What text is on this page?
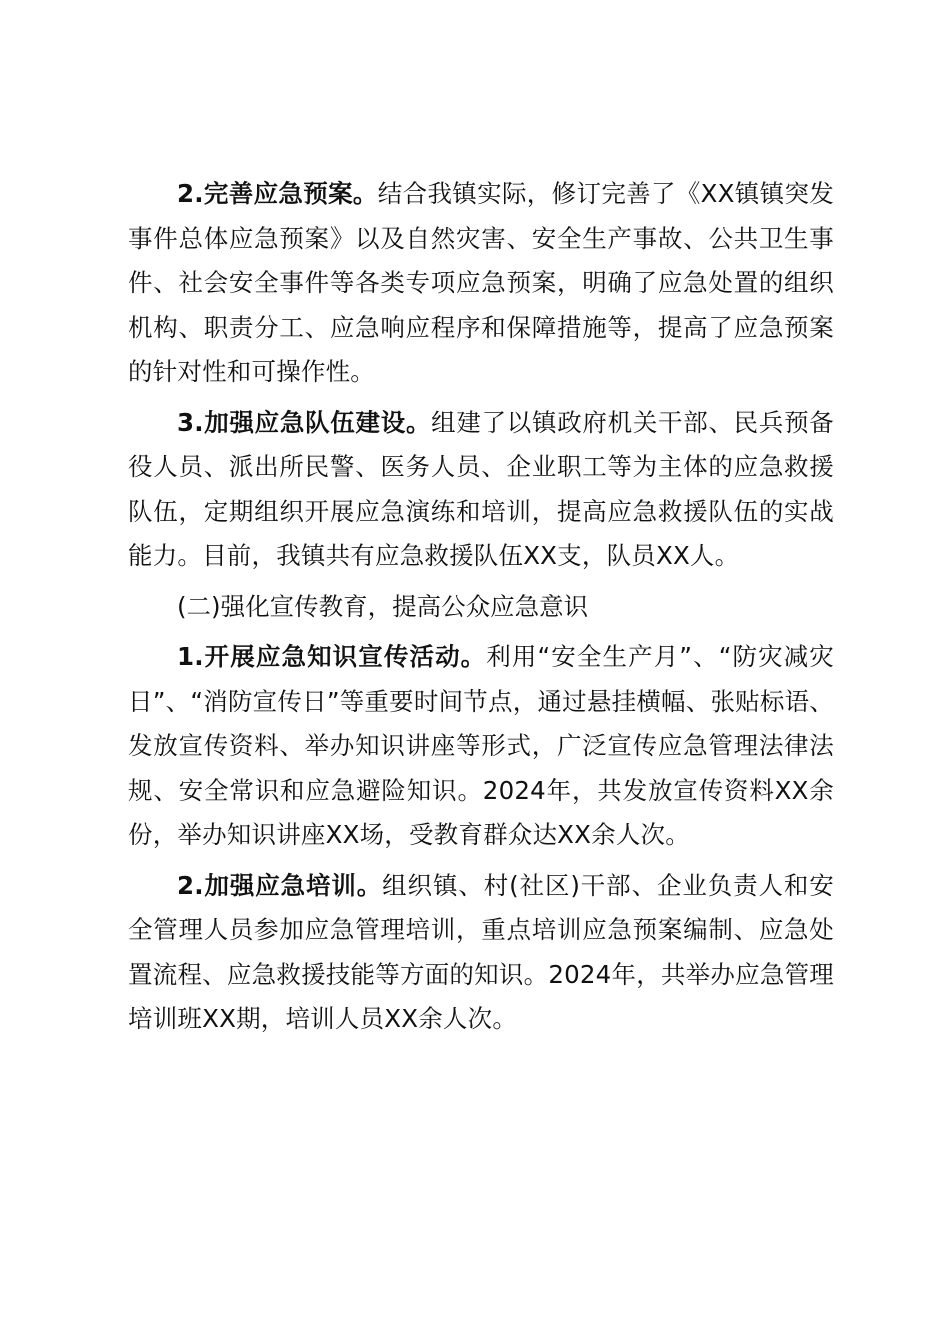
2.完善应急预案。结合我镇实际，修订完善了《XX镇镇突发事件总体应急预案》以及自然灾害、安全生产事故、公共卫生事件、社会安全事件等各类专项应急预案，明确了应急处置的组织机构、职责分工、应急响应程序和保障措施等，提高了应急预案的针对性和可操作性。

3.加强应急队伍建设。组建了以镇政府机关干部、民兵预备役人员、派出所民警、医务人员、企业职工等为主体的应急救援队伍，定期组织开展应急演练和培训，提高应急救援队伍的实战能力。目前，我镇共有应急救援队伍XX支，队员XX人。

(二)强化宣传教育，提高公众应急意识

1.开展应急知识宣传活动。利用“安全生产月”、“防灾减灾日”、“消防宣传日”等重要时间节点，通过悬挂横幅、张贴标语、发放宣传资料、举办知识讲座等形式，广泛宣传应急管理法律法规、安全常识和应急避险知识。2024年，共发放宣传资料XX余份，举办知识讲座XX场，受教育群众达XX余人次。

2.加强应急培训。组织镇、村(社区)干部、企业负责人和安全管理人员参加应急管理培训，重点培训应急预案编制、应急处置流程、应急救援技能等方面的知识。2024年，共举办应急管理培训班XX期，培训人员XX余人次。
